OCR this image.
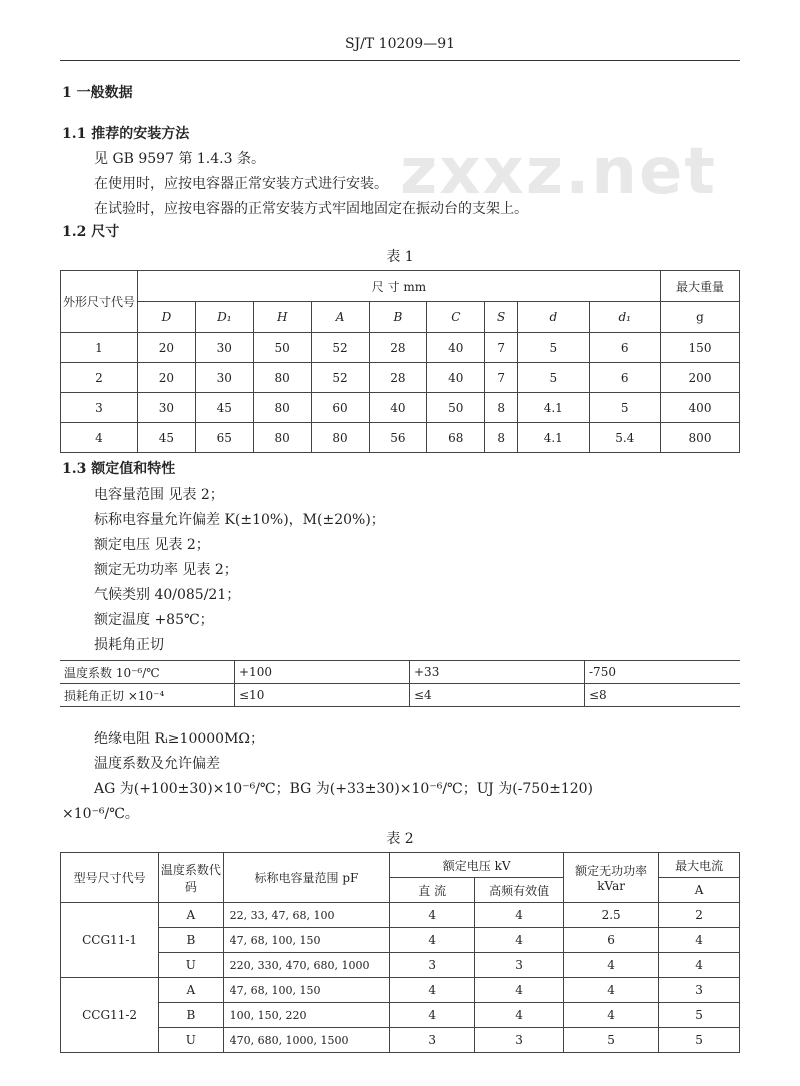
SJ/T 10209—91
zxxz.net
1 一般数据
1.1 推荐的安装方法
见 GB 9597 第 1.4.3 条。
在使用时，应按电容器正常安装方式进行安装。
在试验时，应按电容器的正常安装方式牢固地固定在振动台的支架上。
1.2 尺寸
表 1
外形尺寸代号	尺 寸 mm									最大重量
	D	D₁	H	A	B	C	S	d	d₁	g
1	20	30	50	52	28	40	7	5	6	150
2	20	30	80	52	28	40	7	5	6	200
3	30	45	80	60	40	50	8	4.1	5	400
4	45	65	80	80	56	68	8	4.1	5.4	800
1.3 额定值和特性
电容量范围 见表 2；
标称电容量允许偏差 K(±10%)，M(±20%)；
额定电压 见表 2；
额定无功功率 见表 2；
气候类别 40/085/21；
额定温度 +85℃；
损耗角正切
温度系数 10⁻⁶/℃	+100	+33	-750
损耗角正切 ×10⁻⁴	≤10	≤4	≤8
绝缘电阻 Rᵢ≥10000MΩ；
温度系数及允许偏差
AG 为(+100±30)×10⁻⁶/℃；BG 为(+33±30)×10⁻⁶/℃；UJ 为(-750±120)
×10⁻⁶/℃。
表 2
型号尺寸代号	温度系数代码	标称电容量范围 pF	额定电压 kV		额定无功功率 kVar	最大电流
			直 流	高频有效值		A
CCG11-1	A	22, 33, 47, 68, 100	4	4	2.5	2
	B	47, 68, 100, 150	4	4	6	4
	U	220, 330, 470, 680, 1000	3	3	4	4
CCG11-2	A	47, 68, 100, 150	4	4	4	3
	B	100, 150, 220	4	4	4	5
	U	470, 680, 1000, 1500	3	3	5	5
